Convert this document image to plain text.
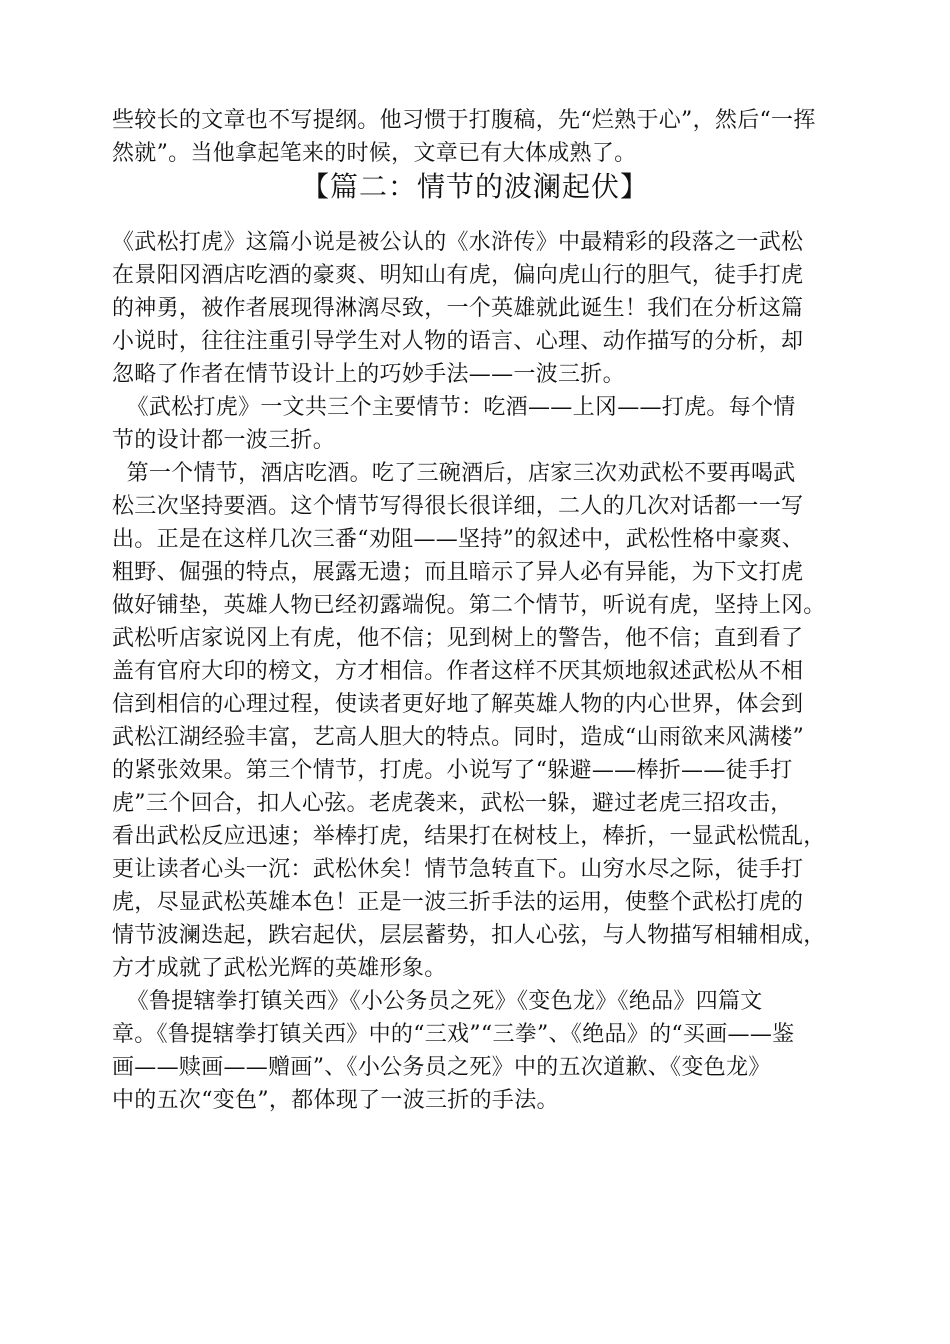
些较长的文章也不写提纲。他习惯于打腹稿，先“烂熟于心”，然后“一挥
然就”。当他拿起笔来的时候，文章已有大体成熟了。
【篇二：情节的波澜起伏】
《武松打虎》这篇小说是被公认的《水浒传》中最精彩的段落之一武松
在景阳冈酒店吃酒的豪爽、明知山有虎，偏向虎山行的胆气，徒手打虎
的神勇，被作者展现得淋漓尽致，一个英雄就此诞生！我们在分析这篇
小说时，往往注重引导学生对人物的语言、心理、动作描写的分析，却
忽略了作者在情节设计上的巧妙手法——一波三折。
《武松打虎》一文共三个主要情节：吃酒——上冈——打虎。每个情
节的设计都一波三折。
第一个情节，酒店吃酒。吃了三碗酒后，店家三次劝武松不要再喝武
松三次坚持要酒。这个情节写得很长很详细，二人的几次对话都一一写
出。正是在这样几次三番“劝阻——坚持”的叙述中，武松性格中豪爽、
粗野、倔强的特点，展露无遗；而且暗示了异人必有异能，为下文打虎
做好铺垫，英雄人物已经初露端倪。第二个情节，听说有虎，坚持上冈。
武松听店家说冈上有虎，他不信；见到树上的警告，他不信；直到看了
盖有官府大印的榜文，方才相信。作者这样不厌其烦地叙述武松从不相
信到相信的心理过程，使读者更好地了解英雄人物的内心世界，体会到
武松江湖经验丰富，艺高人胆大的特点。同时，造成“山雨欲来风满楼”
的紧张效果。第三个情节，打虎。小说写了“躲避——棒折——徒手打
虎”三个回合，扣人心弦。老虎袭来，武松一躲，避过老虎三招攻击，
看出武松反应迅速；举棒打虎，结果打在树枝上，棒折，一显武松慌乱，
更让读者心头一沉：武松休矣！情节急转直下。山穷水尽之际，徒手打
虎，尽显武松英雄本色！正是一波三折手法的运用，使整个武松打虎的
情节波澜迭起，跌宕起伏，层层蓄势，扣人心弦，与人物描写相辅相成，
方才成就了武松光辉的英雄形象。
《鲁提辖拳打镇关西》《小公务员之死》《变色龙》《绝品》四篇文
章。《鲁提辖拳打镇关西》中的“三戏”“三拳”、《绝品》的“买画——鉴
画——赎画——赠画”、《小公务员之死》中的五次道歉、《变色龙》
中的五次“变色”，都体现了一波三折的手法。
